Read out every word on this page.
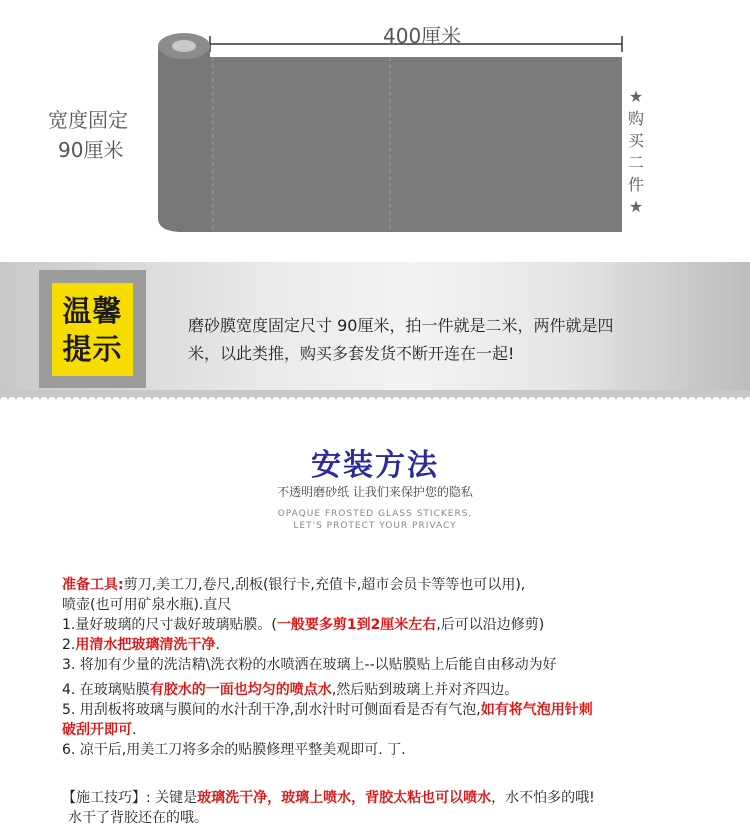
400厘米
宽度固定
90厘米
★
购
买
二
件
★
温馨
提示
磨砂膜宽度固定尺寸 90厘米，拍一件就是二米，两件就是四米，以此类推，购买多套发货不断开连在一起!
安装方法
不透明磨砂纸 让我们来保护您的隐私
OPAQUE FROSTED GLASS STICKERS,
LET'S PROTECT YOUR PRIVACY

准备工具:剪刀,美工刀,卷尺,刮板(银行卡,充值卡,超市会员卡等等也可以用),

喷壶(也可用矿泉水瓶).直尺

1.量好玻璃的尺寸裁好玻璃贴膜。(一般要多剪1到2厘米左右,后可以沿边修剪)

2.用清水把玻璃清洗干净.

3. 将加有少量的洗洁精\洗衣粉的水喷洒在玻璃上--以贴膜贴上后能自由移动为好

4. 在玻璃贴膜有胶水的一面也均匀的喷点水,然后贴到玻璃上并对齐四边。

5. 用刮板将玻璃与膜间的水汁刮干净,刮水汁时可侧面看是否有气泡,如有将气泡用针刺

破刮开即可.

6. 凉干后,用美工刀将多余的贴膜修理平整美观即可. 丁.

【施工技巧】: 关键是玻璃洗干净，玻璃上喷水，背胶太粘也可以喷水，水不怕多的哦!

水干了背胶还在的哦。
